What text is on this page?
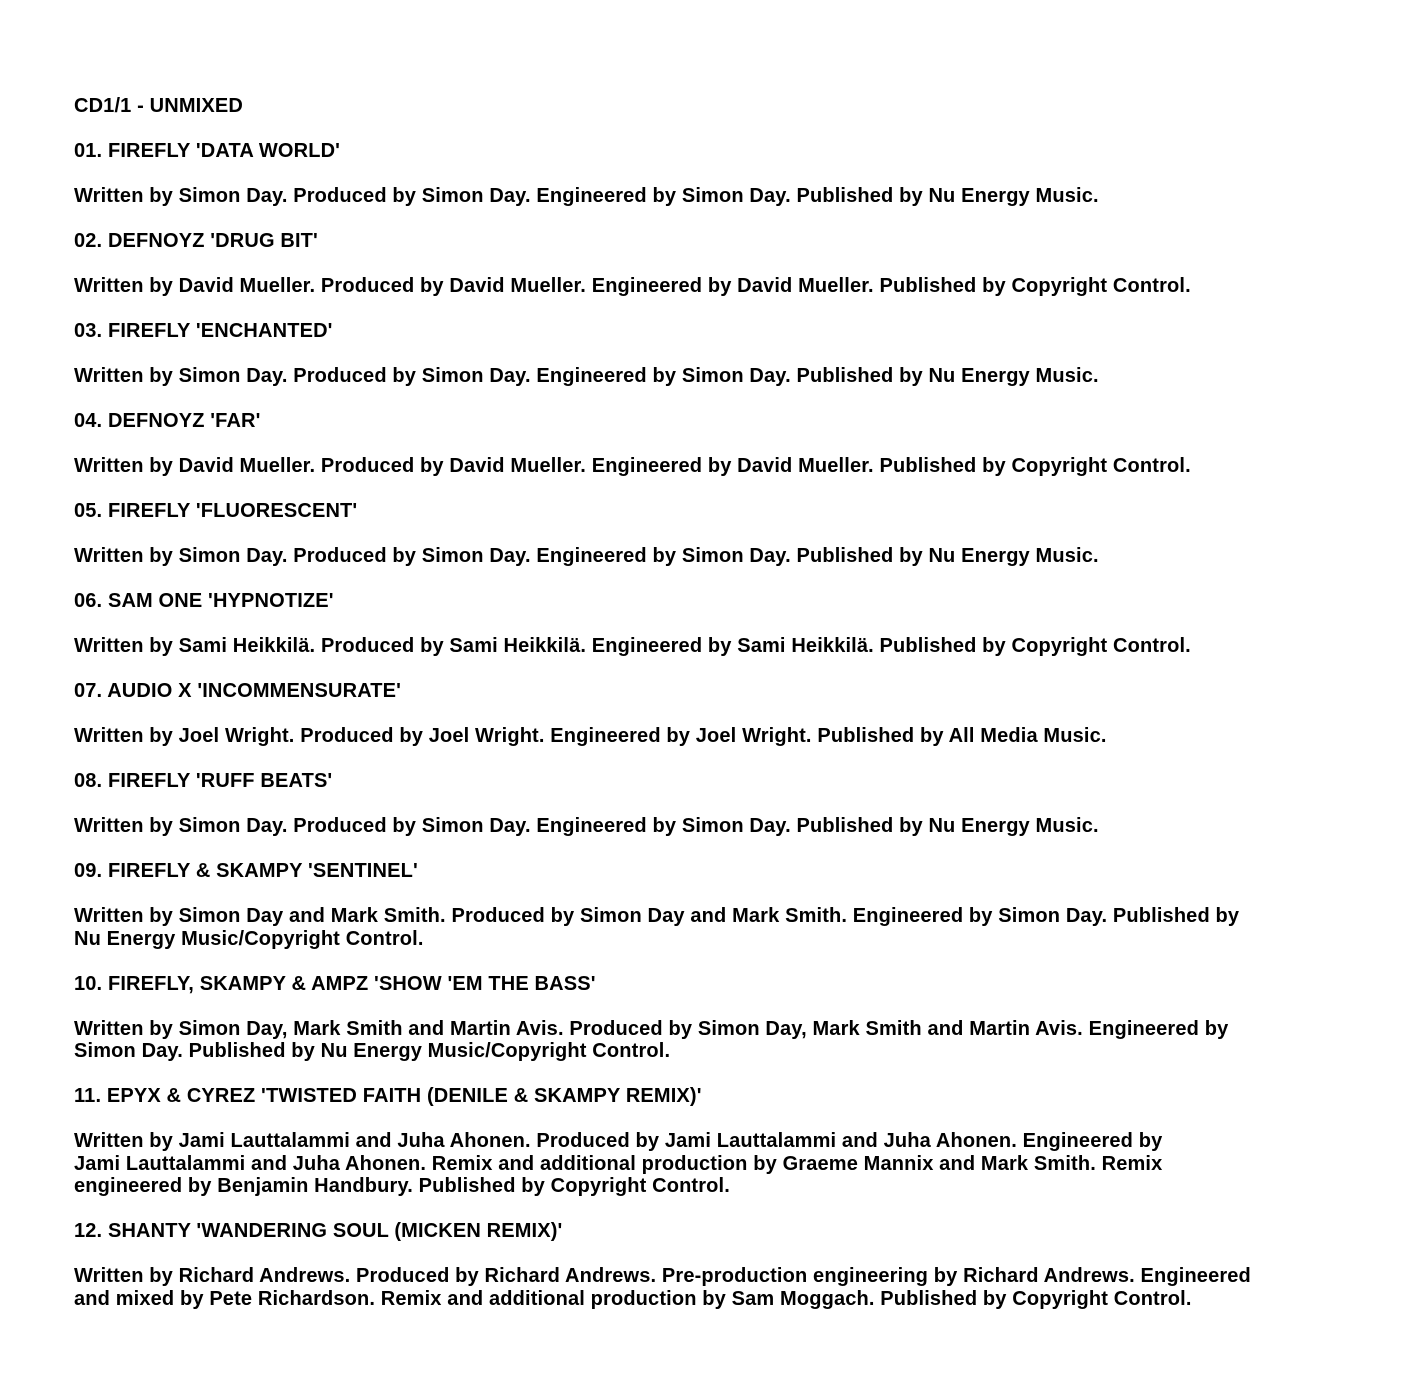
CD1/1 - UNMIXED

01. FIREFLY 'DATA WORLD'

Written by Simon Day. Produced by Simon Day. Engineered by Simon Day. Published by Nu Energy Music.

02. DEFNOYZ 'DRUG BIT'

Written by David Mueller. Produced by David Mueller. Engineered by David Mueller. Published by Copyright Control.

03. FIREFLY 'ENCHANTED'

Written by Simon Day. Produced by Simon Day. Engineered by Simon Day. Published by Nu Energy Music.

04. DEFNOYZ 'FAR'

Written by David Mueller. Produced by David Mueller. Engineered by David Mueller. Published by Copyright Control.

05. FIREFLY 'FLUORESCENT'

Written by Simon Day. Produced by Simon Day. Engineered by Simon Day. Published by Nu Energy Music.

06. SAM ONE 'HYPNOTIZE'

Written by Sami Heikkilä. Produced by Sami Heikkilä. Engineered by Sami Heikkilä. Published by Copyright Control.

07. AUDIO X 'INCOMMENSURATE'

Written by Joel Wright. Produced by Joel Wright. Engineered by Joel Wright. Published by All Media Music.

08. FIREFLY 'RUFF BEATS'

Written by Simon Day. Produced by Simon Day. Engineered by Simon Day. Published by Nu Energy Music.

09. FIREFLY & SKAMPY 'SENTINEL'

Written by Simon Day and Mark Smith. Produced by Simon Day and Mark Smith. Engineered by Simon Day. Published by
Nu Energy Music/Copyright Control.

10. FIREFLY, SKAMPY & AMPZ 'SHOW 'EM THE BASS'

Written by Simon Day, Mark Smith and Martin Avis. Produced by Simon Day, Mark Smith and Martin Avis. Engineered by
Simon Day. Published by Nu Energy Music/Copyright Control.

11. EPYX & CYREZ 'TWISTED FAITH (DENILE & SKAMPY REMIX)'

Written by Jami Lauttalammi and Juha Ahonen. Produced by Jami Lauttalammi and Juha Ahonen. Engineered by
Jami Lauttalammi and Juha Ahonen. Remix and additional production by Graeme Mannix and Mark Smith. Remix
engineered by Benjamin Handbury. Published by Copyright Control.

12. SHANTY 'WANDERING SOUL (MICKEN REMIX)'

Written by Richard Andrews. Produced by Richard Andrews. Pre-production engineering by Richard Andrews. Engineered
and mixed by Pete Richardson. Remix and additional production by Sam Moggach. Published by Copyright Control.
